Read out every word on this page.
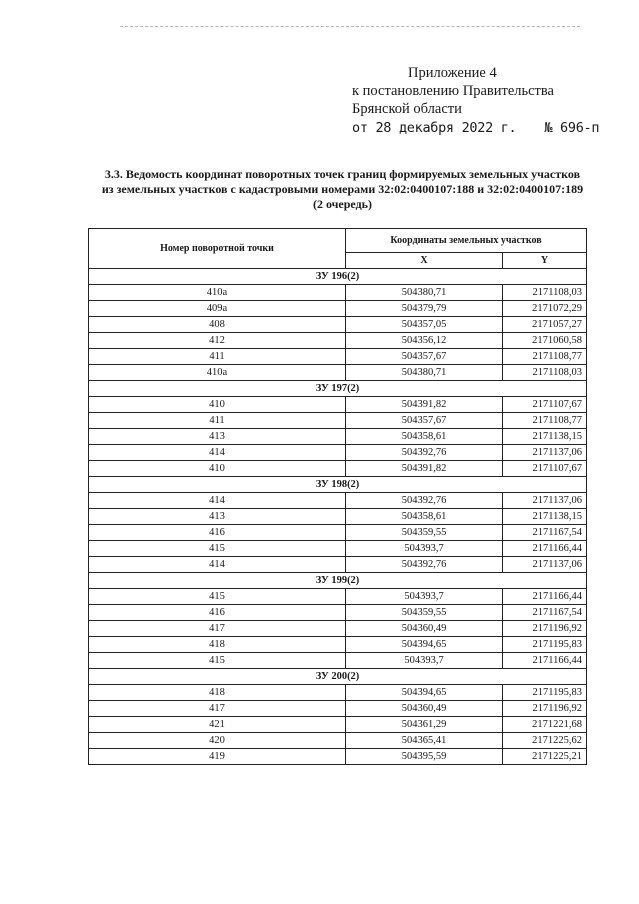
Приложение 4
к постановлению Правительства
Брянской области
от 28 декабря 2022 г. № 696-п
3.3. Ведомость координат поворотных точек границ формируемых земельных участков из земельных участков с кадастровыми номерами 32:02:0400107:188 и 32:02:0400107:189 (2 очередь)
Номер поворотной точки	Координаты земельных участков	
	X	Y
ЗУ 196(2)		
410а	504380,71	2171108,03
409а	504379,79	2171072,29
408	504357,05	2171057,27
412	504356,12	2171060,58
411	504357,67	2171108,77
410а	504380,71	2171108,03
ЗУ 197(2)		
410	504391,82	2171107,67
411	504357,67	2171108,77
413	504358,61	2171138,15
414	504392,76	2171137,06
410	504391,82	2171107,67
ЗУ 198(2)		
414	504392,76	2171137,06
413	504358,61	2171138,15
416	504359,55	2171167,54
415	504393,7	2171166,44
414	504392,76	2171137,06
ЗУ 199(2)		
415	504393,7	2171166,44
416	504359,55	2171167,54
417	504360,49	2171196,92
418	504394,65	2171195,83
415	504393,7	2171166,44
ЗУ 200(2)		
418	504394,65	2171195,83
417	504360,49	2171196,92
421	504361,29	2171221,68
420	504365,41	2171225,62
419	504395,59	2171225,21
